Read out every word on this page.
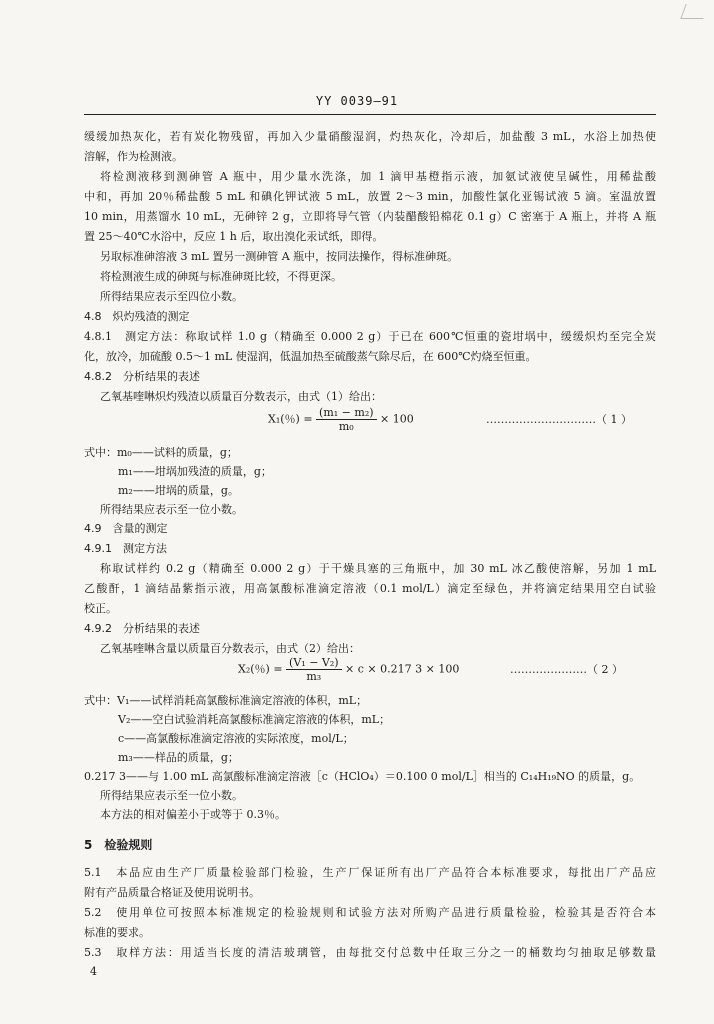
YY 0039—91
缓缓加热灰化，若有炭化物残留，再加入少量硝酸湿润，灼热灰化，冷却后，加盐酸 3 mL，水浴上加热使
溶解，作为检测液。
将检测液移到测砷管 A 瓶中，用少量水洗涤，加 1 滴甲基橙指示液，加氨试液使呈碱性，用稀盐酸
中和，再加 20％稀盐酸 5 mL 和碘化钾试液 5 mL，放置 2～3 min，加酸性氯化亚锡试液 5 滴。室温放置
10 min，用蒸馏水 10 mL，无砷锌 2 g，立即将导气管（内装醋酸铅棉花 0.1 g）C 密塞于 A 瓶上，并将 A 瓶
置 25～40℃水浴中，反应 1 h 后，取出溴化汞试纸，即得。
另取标准砷溶液 3 mL 置另一测砷管 A 瓶中，按同法操作，得标准砷斑。
将检测液生成的砷斑与标准砷斑比较，不得更深。
所得结果应表示至四位小数。
4.8　炽灼残渣的测定
4.8.1　测定方法：称取试样 1.0 g（精确至 0.000 2 g）于已在 600℃恒重的瓷坩埚中，缓缓炽灼至完全炭
化，放冷，加硫酸 0.5～1 mL 使湿润，低温加热至硫酸蒸气除尽后，在 600℃灼烧至恒重。
4.8.2　分析结果的表述
乙氧基喹啉炽灼残渣以质量百分数表示，由式（1）给出：
X₁(％) = $\frac{\text{(m₁ − m₂)}}{\text{m₀}} \times 100$	…………………………（ 1 ）
式中：m₀——试料的质量，g；
m₁——坩埚加残渣的质量，g；
m₂——坩埚的质量，g。
所得结果应表示至一位小数。
4.9　含量的测定
4.9.1　测定方法
称取试样约 0.2 g（精确至 0.000 2 g）于干燥具塞的三角瓶中，加 30 mL 冰乙酸使溶解，另加 1 mL
乙酸酐，1 滴结晶紫指示液，用高氯酸标准滴定溶液（0.1 mol/L）滴定至绿色，并将滴定结果用空白试验
校正。
4.9.2　分析结果的表述
乙氧基喹啉含量以质量百分数表示，由式（2）给出：
X₂(％) = $\frac{\text{(V₁ − V₂)}}{\text{m₃}} \times c \times 0.217$ 3 × 100	…………………（ 2 ）
式中：V₁——试样消耗高氯酸标准滴定溶液的体积，mL；
V₂——空白试验消耗高氯酸标准滴定溶液的体积，mL；
c——高氯酸标准滴定溶液的实际浓度，mol/L；
m₃——样品的质量，g；
0.217 3——与 1.00 mL 高氯酸标准滴定溶液［c（HClO₄）＝0.100 0 mol/L］相当的 C₁₄H₁₉NO 的质量，g。
所得结果应表示至一位小数。
本方法的相对偏差小于或等于 0.3％。
5　检验规则
5.1　本品应由生产厂质量检验部门检验，生产厂保证所有出厂产品符合本标准要求，每批出厂产品应
附有产品质量合格证及使用说明书。
5.2　使用单位可按照本标准规定的检验规则和试验方法对所购产品进行质量检验，检验其是否符合本
标准的要求。
5.3　取样方法：用适当长度的清洁玻璃管，由每批交付总数中任取三分之一的桶数均匀抽取足够数量
4
